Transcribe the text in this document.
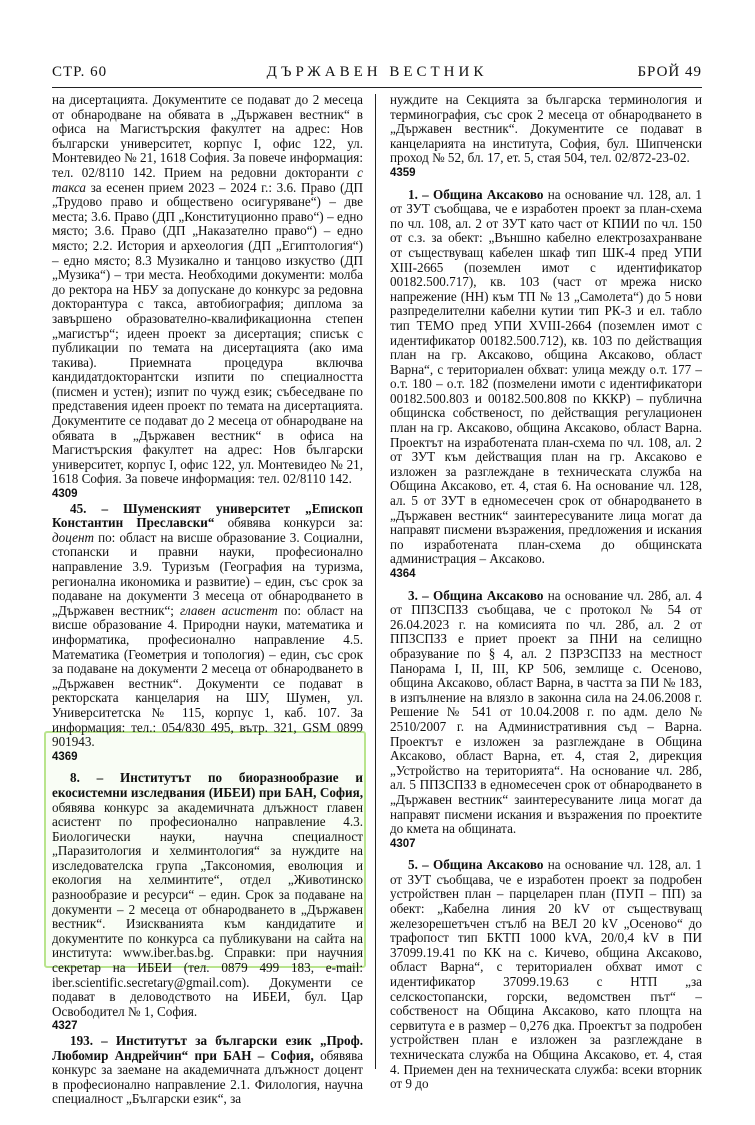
СТР. 60	ДЪРЖАВЕН ВЕСТНИК	БРОЙ 49

на дисертацията. Документите се подават до 2 месеца от обнародване на обявата в „Държавен вестник“ в офиса на Магистърския факултет на адрес: Нов български университет, корпус I, офис 122, ул. Монтевидео № 21, 1618 София. За повече информация: тел. 02/8110 142. Прием на редовни докторанти с такса за есенен прием 2023 – 2024 г.: 3.6. Право (ДП „Трудово право и обществено осигуряване“) – две места; 3.6. Право (ДП „Конституционно право“) – едно място; 3.6. Право (ДП „Наказателно право“) – едно място; 2.2. История и археология (ДП „Египтология“) – едно място; 8.3 Музикално и танцово изкуство (ДП „Музика“) – три места. Необходими документи: молба до ректора на НБУ за допускане до конкурс за редовна докторантура с такса, автобиография; диплома за завършено образователно-квалификационна степен „магистър“; идеен проект за дисертация; списък с публикации по темата на дисертацията (ако има такива). Приемната процедура включва кандидатдокторантски изпити по специалността (писмен и устен); изпит по чужд език; събеседване по представения идеен проект по темата на дисертацията. Документите се подават до 2 месеца от обнародване на обявата в „Държавен вестник“ в офиса на Магистърския факултет на адрес: Нов български университет, корпус I, офис 122, ул. Монтевидео № 21, 1618 София. За повече информация: тел. 02/8110 142.

4309

45. – Шуменският университет „Епископ Константин Преславски“ обявява конкурси за: доцент по: област на висше образование 3. Социални, стопански и правни науки, професионално направление 3.9. Туризъм (География на туризма, регионална икономика и развитие) – един, със срок за подаване на документи 3 месеца от обнародването в „Държавен вестник“; главен асистент по: област на висше образование 4. Природни науки, математика и информатика, професионално направление 4.5. Математика (Геометрия и топология) – един, със срок за подаване на документи 2 месеца от обнародването в „Държавен вестник“. Документи се подават в ректорската канцелария на ШУ, Шумен, ул. Университетска № 115, корпус 1, каб. 107. За информация: тел.: 054/830 495, вътр. 321, GSM 0899 901943.

4369

8. – Институтът по биоразнообразие и екосистемни изследвания (ИБЕИ) при БАН, София, обявява конкурс за академичната длъжност главен асистент по професионално направление 4.3. Биологически науки, научна специалност „Паразитология и хелминтология“ за нуждите на изследователска група „Таксономия, еволюция и екология на хелминтите“, отдел „Животинско разнообразие и ресурси“ – един. Срок за подаване на документи – 2 месеца от обнародването в „Държавен вестник“. Изискванията към кандидатите и документите по конкурса са публикувани на сайта на института: www.iber.bas.bg. Справки: при научния секретар на ИБЕИ (тел. 0879 499 183, e-mail: iber.scientific.secretary@gmail.com). Документи се подават в деловодството на ИБЕИ, бул. Цар Освободител № 1, София.

4327

193. – Институтът за български език „Проф. Любомир Андрейчин“ при БАН – София, обявява конкурс за заемане на академичната длъжност доцент в професионално направление 2.1. Филология, научна специалност „Български език“, за

нуждите на Секцията за българска терминология и терминография, със срок 2 месеца от обнародването в „Държавен вестник“. Документите се подават в канцеларията на института, София, бул. Шипченски проход № 52, бл. 17, ет. 5, стая 504, тел. 02/872-23-02.

4359

1. – Община Аксаково на основание чл. 128, ал. 1 от ЗУТ съобщава, че е изработен проект за план-схема по чл. 108, ал. 2 от ЗУТ като част от КПИИ по чл. 150 от с.з. за обект: „Външно кабелно електрозахранване от съществуващ кабелен шкаф тип ШК-4 пред УПИ XIII-2665 (поземлен имот с идентификатор 00182.500.717), кв. 103 (част от мрежа ниско напрежение (НН) към ТП № 13 „Самолета“) до 5 нови разпределителни кабелни кутии тип РК-3 и ел. табло тип ТЕМО пред УПИ XVIII-2664 (поземлен имот с идентификатор 00182.500.712), кв. 103 по действащия план на гр. Аксаково, община Аксаково, област Варна“, с териториален обхват: улица между о.т. 177 – о.т. 180 – о.т. 182 (позмелени имоти с идентификатори 00182.500.803 и 00182.500.808 по КККР) – публична общинска собственост, по действащия регулационен план на гр. Аксаково, община Аксаково, област Варна. Проектът на изработената план-схема по чл. 108, ал. 2 от ЗУТ към действащия план на гр. Аксаково е изложен за разглеждане в техническата служба на Община Аксаково, ет. 4, стая 6. На основание чл. 128, ал. 5 от ЗУТ в едномесечен срок от обнародването в „Държавен вестник“ заинтересуваните лица могат да направят писмени възражения, предложения и искания по изработената план-схема до общинската администрация – Аксаково.

4364

3. – Община Аксаково на основание чл. 28б, ал. 4 от ППЗСПЗЗ съобщава, че с протокол № 54 от 26.04.2023 г. на комисията по чл. 28б, ал. 2 от ППЗСПЗЗ е приет проект за ПНИ на селищно образувание по § 4, ал. 2 ПЗРЗСПЗЗ на местност Панорама I, II, III, КР 506, землище с. Осеново, община Аксаково, област Варна, в частта за ПИ № 183, в изпълнение на влязло в законна сила на 24.06.2008 г. Решение № 541 от 10.04.2008 г. по адм. дело № 2510/2007 г. на Административния съд – Варна. Проектът е изложен за разглеждане в Община Аксаково, област Варна, ет. 4, стая 2, дирекция „Устройство на територията“. На основание чл. 28б, ал. 5 ППЗСПЗЗ в едномесечен срок от обнародването в „Държавен вестник“ заинтересуваните лица могат да направят писмени искания и възражения по проектите до кмета на общината.

4307

5. – Община Аксаково на основание чл. 128, ал. 1 от ЗУТ съобщава, че е изработен проект за подробен устройствен план – парцеларен план (ПУП – ПП) за обект: „Кабелна линия 20 kV от съществуващ железорешетъчен стълб на ВЕЛ 20 kV „Осеново“ до трафопост тип БКТП 1000 kVA, 20/0,4 kV в ПИ 37099.19.41 по КК на с. Кичево, община Аксаково, област Варна“, с териториален обхват имот с идентификатор 37099.19.63 с НТП „за селскостопански, горски, ведомствен път“ – собственост на Община Аксаково, като площта на сервитута е в размер – 0,276 дка. Проектът за подробен устройствен план е изложен за разглеждане в техническата служба на Община Аксаково, ет. 4, стая 4. Приемен ден на техническата служба: всеки вторник от 9 до
